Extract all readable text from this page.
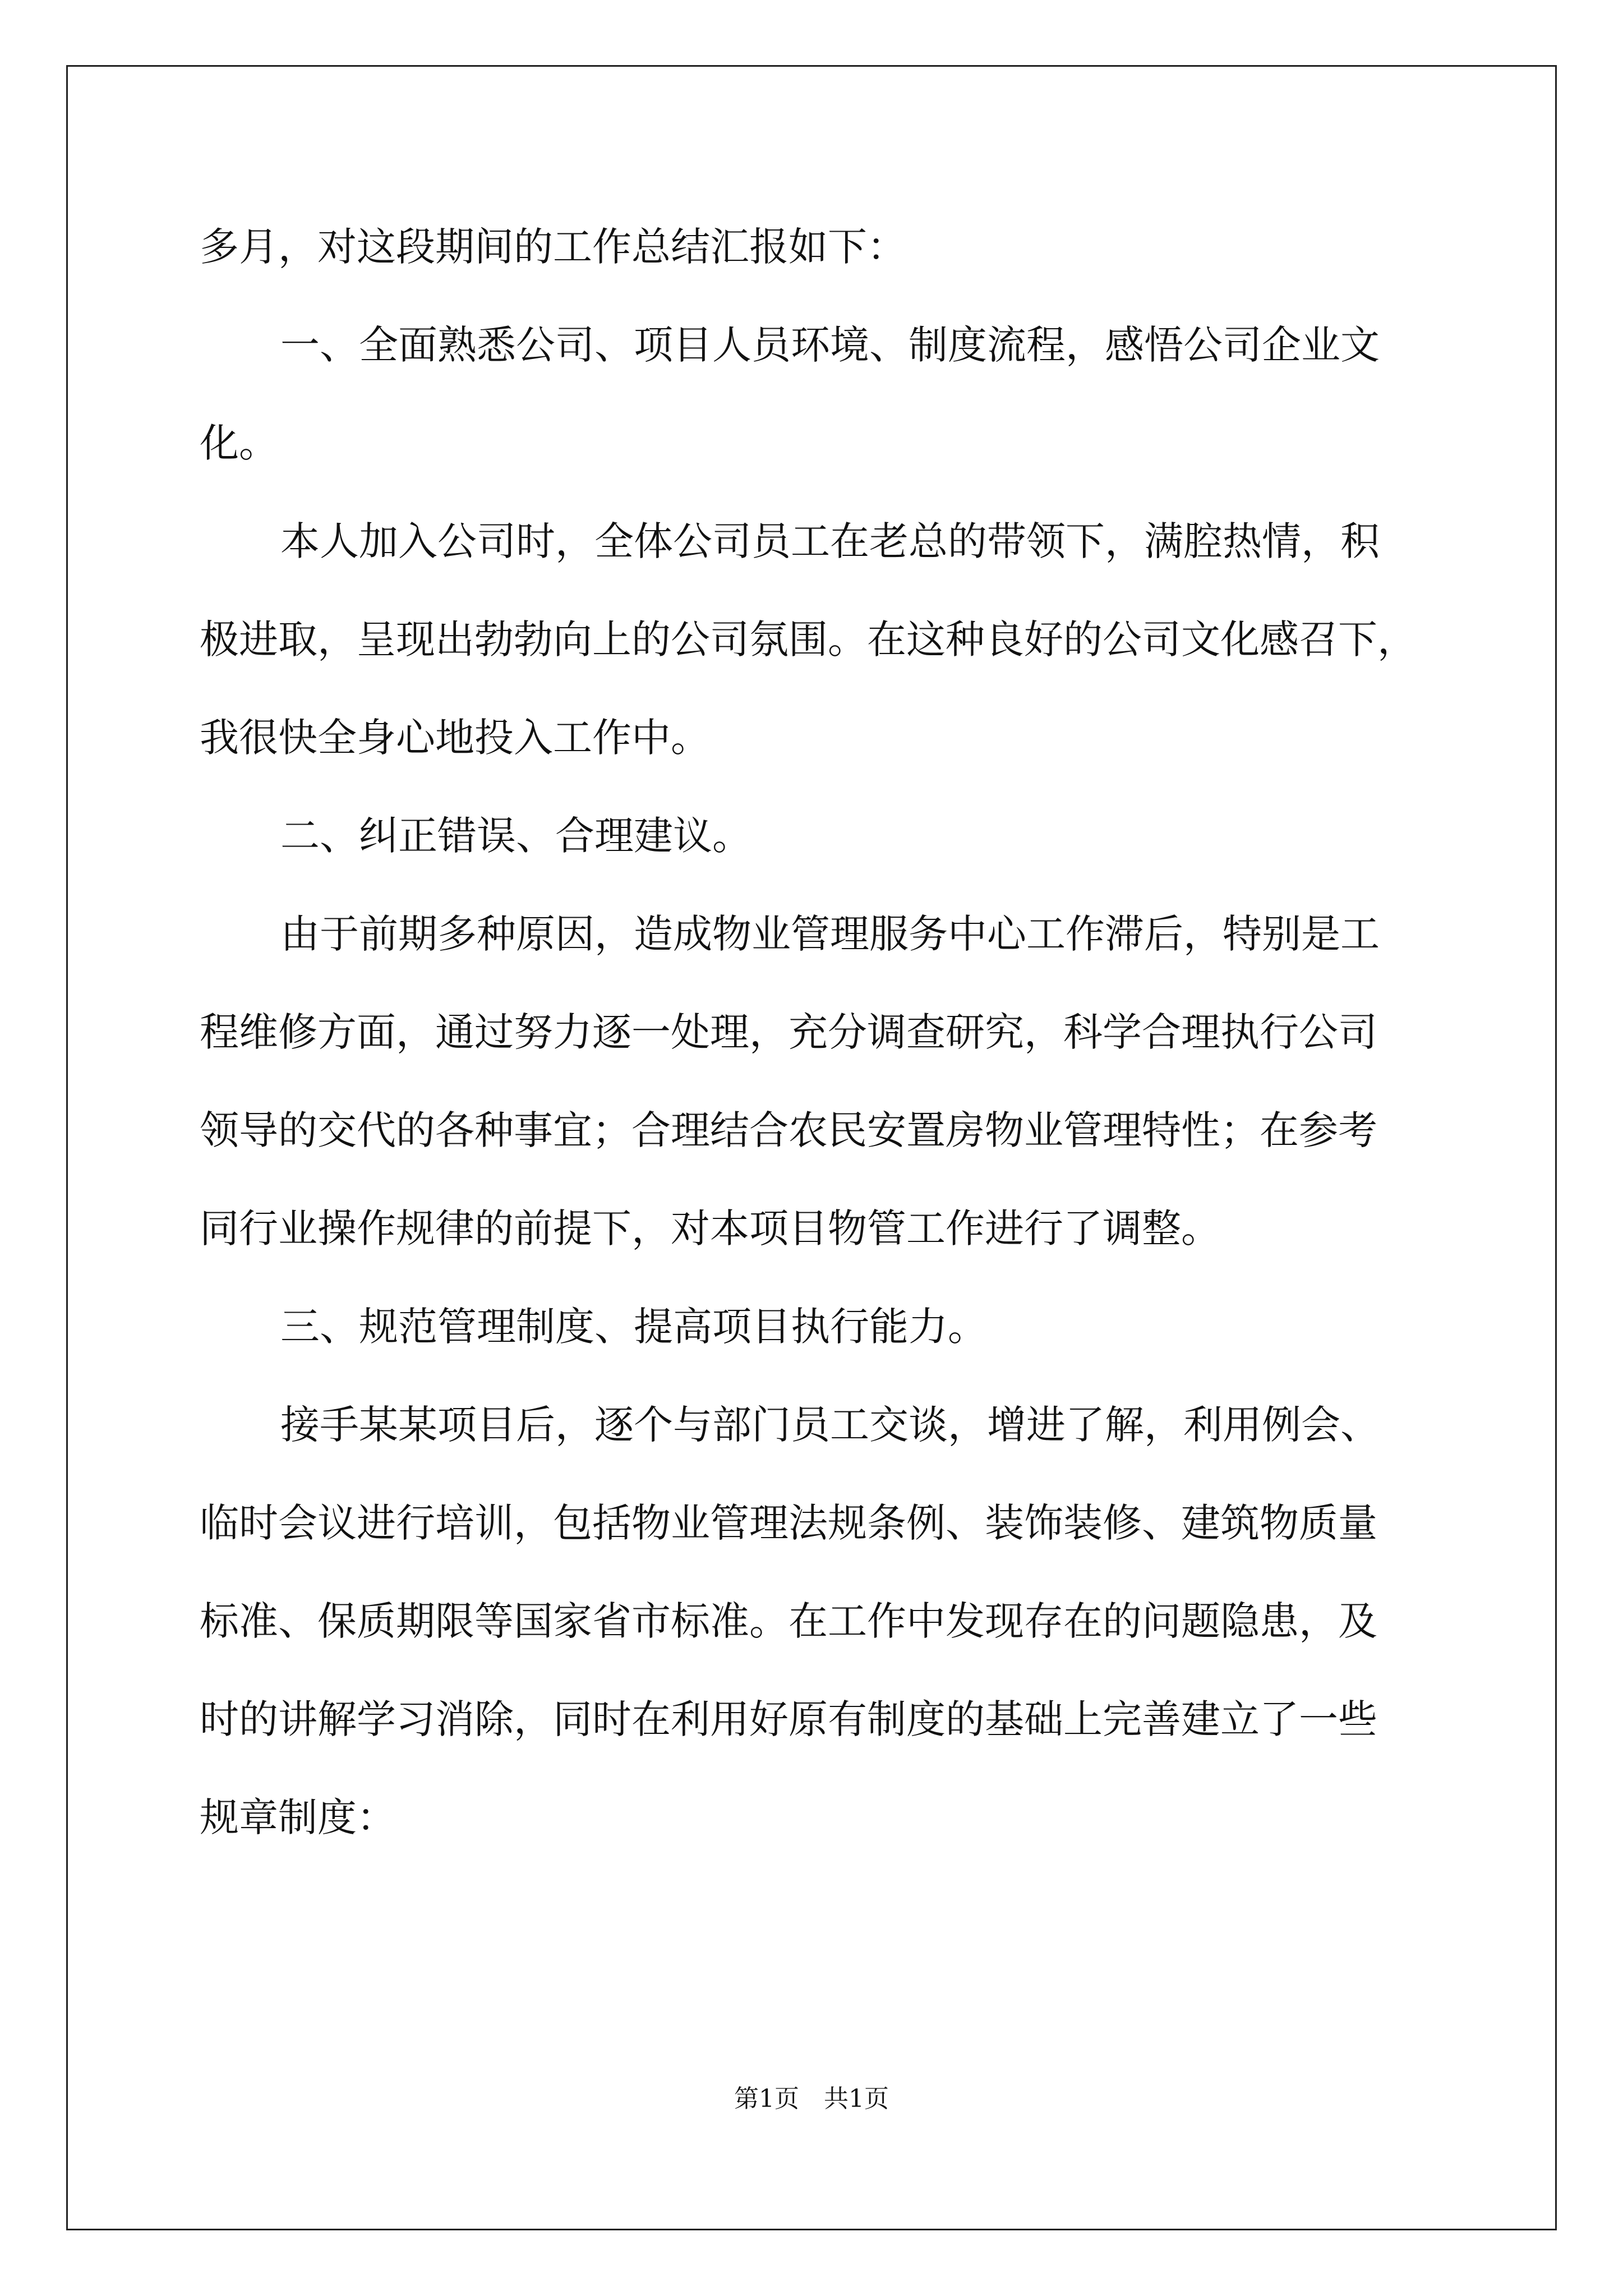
多月，对这段期间的工作总结汇报如下：
一、全面熟悉公司、项目人员环境、制度流程，感悟公司企业文
化。
本人加入公司时，全体公司员工在老总的带领下，满腔热情，积
极进取，呈现出勃勃向上的公司氛围。在这种良好的公司文化感召下，
我很快全身心地投入工作中。
二、纠正错误、合理建议。
由于前期多种原因，造成物业管理服务中心工作滞后，特别是工
程维修方面，通过努力逐一处理，充分调查研究，科学合理执行公司
领导的交代的各种事宜；合理结合农民安置房物业管理特性；在参考
同行业操作规律的前提下，对本项目物管工作进行了调整。
三、规范管理制度、提高项目执行能力。
接手某某项目后，逐个与部门员工交谈，增进了解，利用例会、
临时会议进行培训，包括物业管理法规条例、装饰装修、建筑物质量
标准、保质期限等国家省市标准。在工作中发现存在的问题隐患，及
时的讲解学习消除，同时在利用好原有制度的基础上完善建立了一些
规章制度：
第1页　共1页
